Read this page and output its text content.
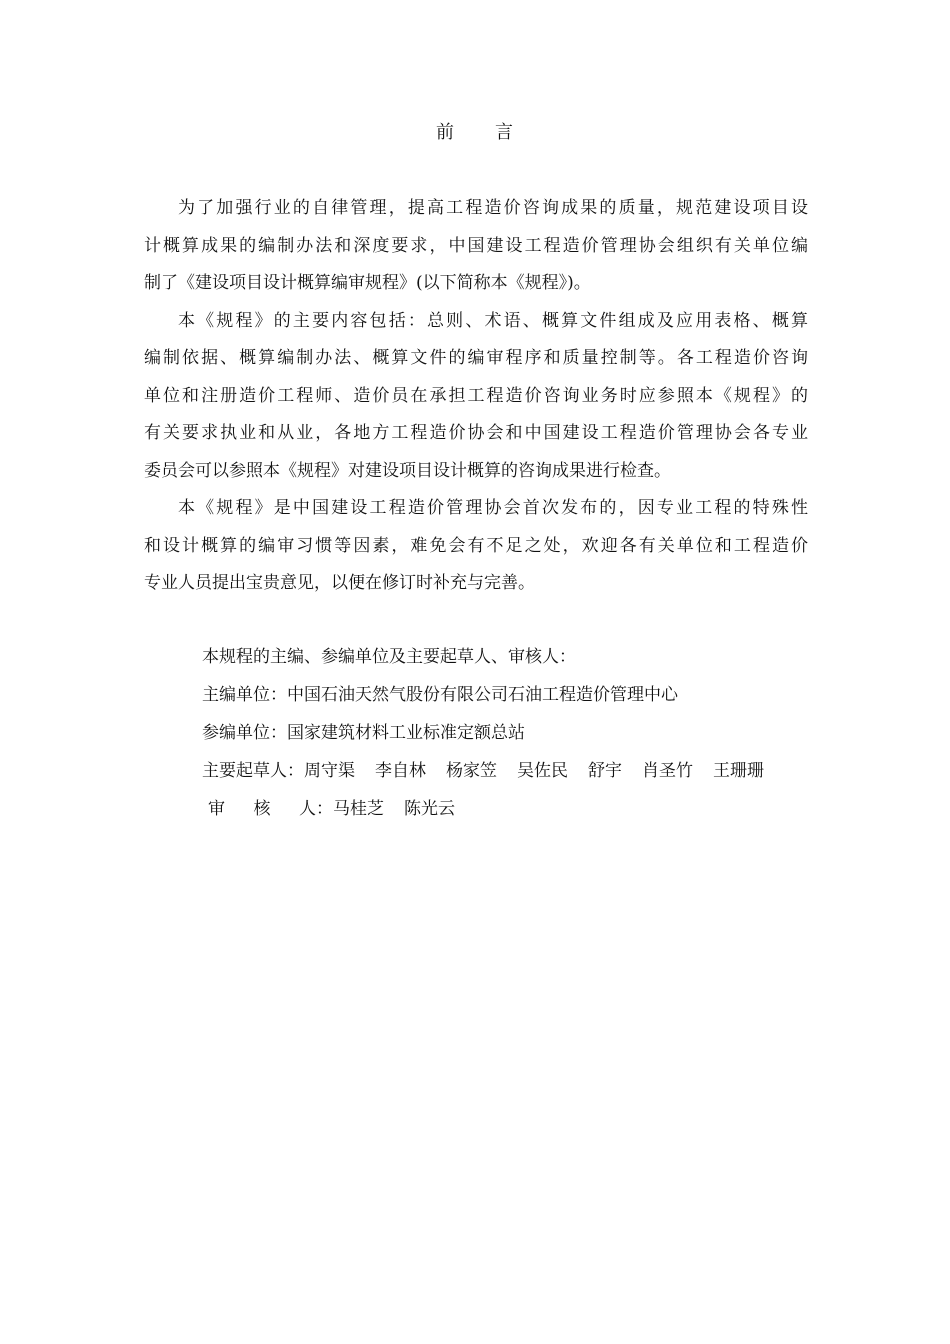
前 言
为了加强行业的自律管理，提高工程造价咨询成果的质量，规范建设项目设
计概算成果的编制办法和深度要求，中国建设工程造价管理协会组织有关单位编
制了《建设项目设计概算编审规程》(以下简称本《规程》)。
本《规程》的主要内容包括：总则、术语、概算文件组成及应用表格、概算
编制依据、概算编制办法、概算文件的编审程序和质量控制等。各工程造价咨询
单位和注册造价工程师、造价员在承担工程造价咨询业务时应参照本《规程》的
有关要求执业和从业，各地方工程造价协会和中国建设工程造价管理协会各专业
委员会可以参照本《规程》对建设项目设计概算的咨询成果进行检查。
本《规程》是中国建设工程造价管理协会首次发布的，因专业工程的特殊性
和设计概算的编审习惯等因素，难免会有不足之处，欢迎各有关单位和工程造价
专业人员提出宝贵意见，以便在修订时补充与完善。
本规程的主编、参编单位及主要起草人、审核人：
主编单位：中国石油天然气股份有限公司石油工程造价管理中心
参编单位：国家建筑材料工业标准定额总站
主要起草人：周守渠 李自林 杨家笠 吴佐民 舒宇 肖圣竹 王珊珊
审 核 人：马桂芝 陈光云
